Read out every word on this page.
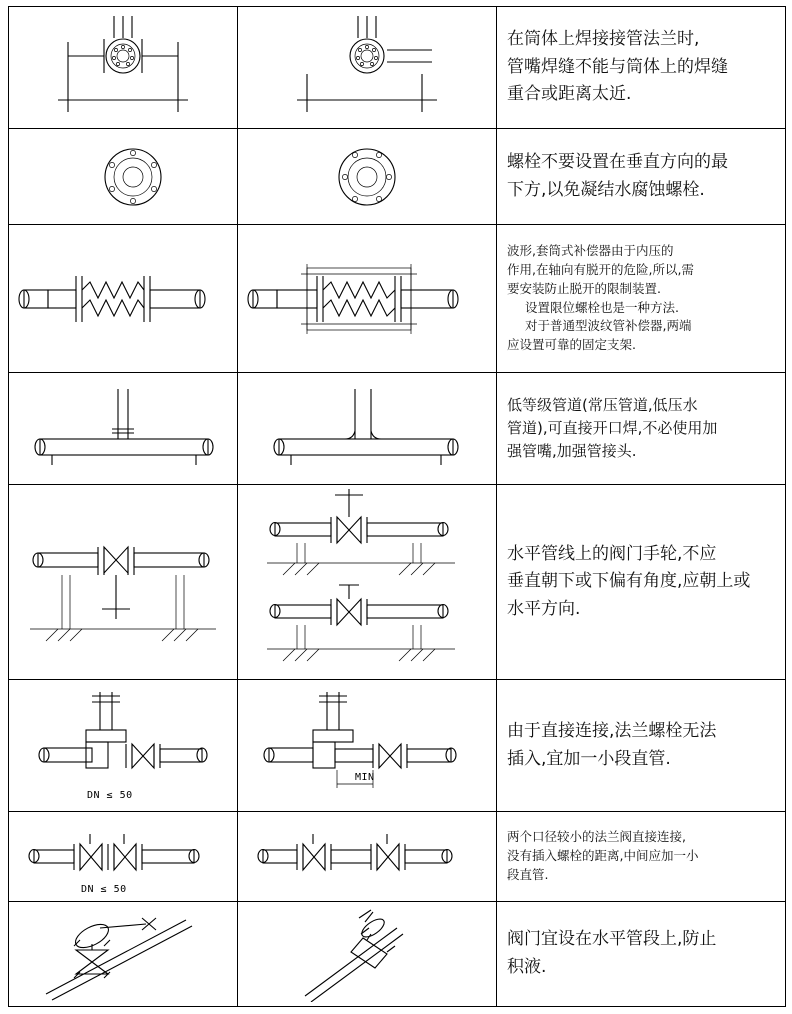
在筒体上焊接接管法兰时,
管嘴焊缝不能与筒体上的焊缝
重合或距离太近.

螺栓不要设置在垂直方向的最
下方,以免凝结水腐蚀螺栓.

波形,套筒式补偿器由于内压的
作用,在轴向有脱开的危险,所以,需
要安装防止脱开的限制装置.
设置限位螺栓也是一种方法.
对于普通型波纹管补偿器,两端
应设置可靠的固定支架.

低等级管道(常压管道,低压水
管道),可直接开口焊,不必使用加
强管嘴,加强管接头.

水平管线上的阀门手轮,不应
垂直朝下或下偏有角度,应朝上或
水平方向.

DN ≤ 50	MIN	由于直接连接,法兰螺栓无法
插入,宜加一小段直管.

DN ≤ 50		两个口径较小的法兰阀直接连接,
没有插入螺栓的距离,中间应加一小
段直管.

阀门宜设在水平管段上,防止
积液.
